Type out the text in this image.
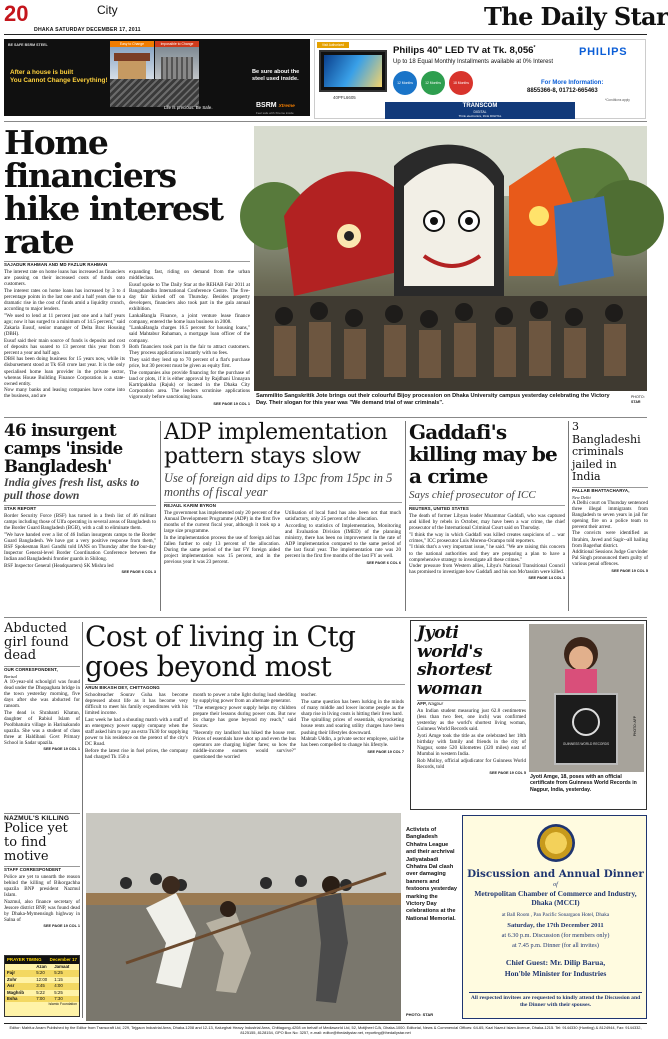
20	City
DHAKA SATURDAY DECEMBER 17, 2011	The Daily Star
BE SAFE BSRM STEEL	Easy to Change	Impossible to Change
After a house is built
You Cannot Change Everything!
Be sure about the steel used inside.
Life is precious. Be Safe.	BSRM Xtreme
Feel safe with Xtreme inside
Visit Authorized
Philips 40" LED TV at Tk. 8,056*
Up to 18 Equal Monthly Installments available at 0% Interest
PHILIPS
40PFL6605
12 Months	12 Months	18 Months	For More Information:
8855366-8, 01712-665463
*Conditions apply
TRANSCOM
DIGITAL
Think electronics, think DIGITAL
Home financiers hike interest rate
SAJADUR RAHMAN AND MD FAZLUR RAHMAN

The interest rate on home loans has increased as financiers are passing on their increased costs of funds onto customers.

The interest rates on home loans has increased by 3 to 4 percentage points in the last one and a half years due to a dramatic rise in the cost of funds amid a liquidity crunch, according to major lenders.

"We used to lend at 11 percent just one and a half years ago; now it has surged to a minimum of 14.5 percent," said Zakaria Eusuf, senior manager of Delta Brac Housing (DBH).

Eusuf said their main source of funds is deposits and cost of deposits has soared to 13 percent this year from 9 percent a year and half ago.

DBH has been doing business for 15 years now, while its disbursement stood at Tk 650 crore last year. It is the only specialised home loan provider in the private sector, whereas House Building Finance Corporation is a state-owned entity.

Now many banks and leasing companies have come into the business, and are

expanding fast, riding on demand from the urban middleclass.

Eusuf spoke to The Daily Star at the REHAB Fair 2011 at Bangabandhu International Conference Centre. The five-day fair kicked off on Thursday. Besides property developers, financiers also took part in the gala annual exhibition.

LankaBangla Finance, a joint venture lease finance company, entered the home loan business in 2008.

"LankaBangla charges 16.5 percent for housing loans," said Mahtabur Rahaman, a mortgage loan officer of the company.

Both financiers took part in the fair to attract customers. They process applications instantly with no fees.

They said they lend up to 70 percent of a flat's purchase price, but 30 percent must be given as equity first.

The companies also provide financing for the purchase of land or plots, if it is either approval by Rajdhani Unnayan Kartripakkha (Rajuk) or located in the Dhaka City Corporation area. The lenders scrutinise applications vigorously before sanctioning loans.

SEE PAGE 19 COL 1
Sammilito Sangskritik Jote brings out their colourful Bijoy procession on Dhaka University campus yesterday celebrating the Victory Day. Their slogan for this year was "We demand trial of war criminals".
PHOTO:
STAR
46 insurgent camps 'inside Bangladesh'
India gives fresh list, asks to pull those down
STAR REPORT

Border Security Force (BSF) has turned in a fresh list of 46 militant camps including those of Ulfa operating in several areas of Bangladesh to the Border Guard Bangladesh (BGB), with a call to eliminate them.

"We have handed over a list of 46 Indian insurgents camps to the Border Guard Bangladesh. We have got a very positive response from them," BSF Spokesman Ravi Gandhi told IANS on Thursday after the four-day Inspector General-level Border Coordination Conference between the Indian and Bangladeshi frontier guards in Shilong.

BSF Inspector General (Headquarters) SK Mishra led

SEE PAGE 6 COL 3
ADP implementation pattern stays slow
Use of foreign aid dips to 13pc from 15pc in 5 months of fiscal year
REJAUL KARIM BYRON

The government has implemented only 20 percent of the Annual Development Programme (ADP) in the first five months of the current fiscal year, although it took up a large size programme.

In the implementation process the use of foreign aid has fallen further to only 13 percent of the allocation. During the same period of the last FY foreign aided project implementation was 15 percent, and in the previous year it was 23 percent.

Utilisation of local fund has also been not that much satisfactory, only 25 percent of the allocation.

According to statistics of Implementation, Monitoring and Evaluation Division (IMED) of the planning ministry, there has been no improvement in the rate of ADP implementation compared to the same period of the last fiscal year. The implementation rate was 20 percent in the first five months of the last FY as well.

SEE PAGE 6 COL 6
Gaddafi's killing may be a crime
Says chief prosecutor of ICC
REUTERS, UNITED STATES

The death of former Libyan leader Muammar Gaddafi, who was captured and killed by rebels in October, may have been a war crime, the chief prosecutor of the International Criminal Court said on Thursday.

"I think the way in which Gaddafi was killed creates suspicions of ... war crimes," ICC prosecutor Luis Moreno-Ocampo told reporters.

"I think that's a very important issue," he said. "We are raising this concern to the national authorities and they are preparing a plan to have a comprehensive strategy to investigate all these crimes."

Under pressure from Western allies, Libya's National Transitional Council has promised to investigate how Gaddafi and his son Mo'tassim were killed.

SEE PAGE 14 COL 3
3 Bangladeshi criminals jailed in India
PALLAB BHATTACHARYA,
New Delhi

A Delhi court on Thursday sentenced three illegal immigrants from Bangladesh to seven years in jail for opening fire on a police team to prevent their arrest.

The convicts were identified as Ibrahim, Javed and Sagir--all hailing from Bagerhat district.

Additional Sessions Judge Gurvinder Pal Singh pronounced them guilty of various penal offences.

SEE PAGE 19 COL 5
Abducted girl found dead
OUR CORRESPONDENT,
Barisal

A 10-year-old schoolgirl was found dead under the Dhopaghata bridge in the town yesterday morning, five days after she was abducted for ransom.

The dead is Shrabanti Khatun, daughter of Rabiul Islam of Poolbhatuira village in Harinakundo upazila. She was a student of class three at Haldibani Govt Primary School in Sadar upazila.

SEE PAGE 19 COL 1
NAZMUL'S KILLING
Police yet to find motive
STAFF CORRESPONDENT

Police are yet to unearth the reason behind the killing of Bikorgachha upazila BNP president Nazmul Islam.

Nazmul, also finance secretary of Jessore district BNP, was found dead by Dhaka-Mymensingh highway in Salna of

SEE PAGE 19 COL 1
PRAYER TIMING December 17
	Azan	Jamaat
Fajr	5:20	5:25
Zohr	12:00	1:15
Asr	3:45	4:00
Maghrib	5:22	5:25
Esha	7:00	7:30
Islamic Foundation
Cost of living in Ctg goes beyond most
ARUN BIKASH DEY, CHITTAGONG

Schoolteacher Sourav Guha has become depressed about life as it has become very difficult to meet his family expenditures with his limited income.

Last week he had a shouting match with a staff of an emergency power supply company when the staff asked him to pay an extra Tk30 for supplying power to his residence on the pretext of the city's DC Road.

Before the latest rise in fuel prices, the company had charged Tk 150 a

month to power a tube light during load shedding by supplying power from an alternate generator.

"The emergency power supply helps my children prepare their lessons during power cuts. But now its charge has gone beyond my reach," said Sourav.

"Recently my landlord has hiked the house rent. Prices of essentials have shot up and even the bus operators are charging higher fares; so how the middle-income earners would survive?" questioned the worried

teacher.

The same question has been lurking in the minds of many middle and lower income people as the sharp rise in living costs is hitting their lives hard.

The spiralling prices of essentials, skyrocketing house rents and soaring utility charges have been pushing their lifestyles downward.

Mahtab Uddin, a private sector employee, said he has been compelled to change his lifestyle.

SEE PAGE 19 COL 7
Jyoti world's shortest woman
AFP, Nagpur

An Indian student measuring just 62.8 centimetres (less than two feet, one inch) was confirmed yesterday as the world's shortest living woman, Guinness World Records said.

Jyoti Amge took the title as she celebrated her 18th birthday with family and friends in the city of Nagpur, some 520 kilometres (320 miles) east of Mumbai in western India.

Rob Molloy, official adjudicator for Guinness World Records, told

SEE PAGE 19 COL 5
GUINNESS WORLD RECORDS
PHOTO: AFP
Jyoti Amge, 18, poses with an official certificate from Guinness World Records in Nagpur, India, yesterday.
Activists of Bangladesh Chhatra League and their archrival Jatiyatabadi Chhatra Dal clash over damaging banners and festoons yesterday marking the Victory Day celebrations at the National Memorial.
PHOTO: STAR
Discussion and Annual Dinner
of
Metropolitan Chamber of Commerce and Industry, Dhaka (MCCI)
at Ball Room , Pan Pacific Sonargaon Hotel, Dhaka
Saturday, the 17th December 2011
at 6.30 p.m. Discussion (for members only)
at 7.45 p.m. Dinner (for all invites)
Chief Guest: Mr. Dilip Barua,
Hon'ble Minister for Industries
All respected invitees are requested to kindly attend the Discussion and the Dinner with their spouses.
Editor: Mahfuz Anam Published by the Editor from Transcraft Ltd, 229, Tejgaon Industrial Area, Dhaka-1208 and 12-13, Kalurghat Heavy Industrial Area, Chittagong-4208 on behalf of Mediaworld Ltd, 52, Motijheel C/A, Dhaka-1000. Editorial, News & Commercial Offices: 64-65, Kazi Nazrul Islam Avenue, Dhaka-1215. Tel: 9144330 (Hunting) & 8124944, Fax: 9144332, 8125155, 8128154, GPO Box No: 3257, e-mail: editor@thedailystar.net, reporting@thedailystar.net
